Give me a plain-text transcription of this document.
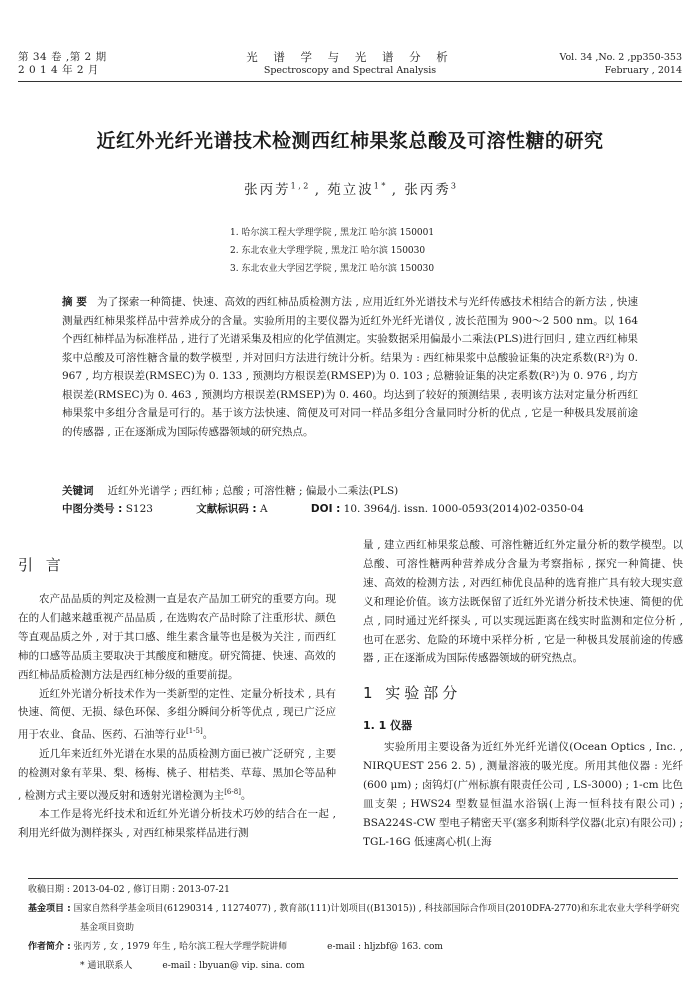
第 34 卷 ,第 2 期
2 0 1 4 年 2 月
光 谱 学 与 光 谱 分 析
Spectroscopy and Spectral Analysis
Vol. 34 ,No. 2 ,pp350-353
February , 2014
近红外光纤光谱技术检测西红柿果浆总酸及可溶性糖的研究
张丙芳$^{1 , 2}$ , 苑立波$^{1 *}$ , 张丙秀$^3$
1. 哈尔滨工程大学理学院 , 黑龙江 哈尔滨 150001
2. 东北农业大学理学院 , 黑龙江 哈尔滨 150030
3. 东北农业大学园艺学院 , 黑龙江 哈尔滨 150030
摘 要 为了探索一种简捷、快速、高效的西红柿品质检测方法 , 应用近红外光谱技术与光纤传感技术相结合的新方法 , 快速测量西红柿果浆样品中营养成分的含量。实验所用的主要仪器为近红外光纤光谱仪 , 波长范围为 900～2 500 nm。以 164 个西红柿样品为标准样品 , 进行了光谱采集及相应的化学值测定。实验数据采用偏最小二乘法(PLS)进行回归 , 建立西红柿果浆中总酸及可溶性糖含量的数学模型 , 并对回归方法进行统计分析。结果为 : 西红柿果浆中总酸验证集的决定系数(R²)为 0. 967 , 均方根误差(RMSEC)为 0. 133 , 预测均方根误差(RMSEP)为 0. 103 ; 总糖验证集的决定系数(R²)为 0. 976 , 均方根误差(RMSEC)为 0. 463 , 预测均方根误差(RMSEP)为 0. 460。均达到了较好的预测结果 , 表明该方法对定量分析西红柿果浆中多组分含量是可行的。基于该方法快速、简便及可对同一样品多组分含量同时分析的优点 , 它是一种极具发展前途的传感器 , 正在逐渐成为国际传感器领域的研究热点。
关键词 近红外光谱学 ; 西红柿 ; 总酸 ; 可溶性糖 ; 偏最小二乘法(PLS)
中图分类号 : S123	文献标识码 : A	DOI : 10. 3964/j. issn. 1000-0593(2014)02-0350-04
引 言

农产品品质的判定及检测一直是农产品加工研究的重要方向。现在的人们越来越重视产品品质 , 在选购农产品时除了注重形状、颜色等直观品质之外 , 对于其口感、维生素含量等也是极为关注 , 而西红柿的口感等品质主要取决于其酸度和糖度。研究简捷、快速、高效的西红柿品质检测方法是西红柿分级的重要前提。

近红外光谱分析技术作为一类新型的定性、定量分析技术 , 具有快速、简便、无损、绿色环保、多组分瞬间分析等优点 , 现已广泛应用于农业、食品、医药、石油等行业[1-5]。

近几年来近红外光谱在水果的品质检测方面已被广泛研究 , 主要的检测对象有苹果、梨、杨梅、桃子、柑桔类、草莓、黑加仑等品种 , 检测方式主要以漫反射和透射光谱检测为主[6-8]。

本工作是将光纤技术和近红外光谱分析技术巧妙的结合在一起 , 利用光纤做为测样探头 , 对西红柿果浆样品进行测

量 , 建立西红柿果浆总酸、可溶性糖近红外定量分析的数学模型。以总酸、可溶性糖两种营养成分含量为考察指标 , 探究一种简捷、快速、高效的检测方法 , 对西红柿优良品种的选育推广具有较大现实意义和理论价值。该方法既保留了近红外光谱分析技术快速、简便的优点 , 同时通过光纤探头 , 可以实现远距离在线实时监测和定位分析 , 也可在恶劣、危险的环境中采样分析 , 它是一种极具发展前途的传感器 , 正在逐渐成为国际传感器领域的研究热点。

1 实验部分
1. 1 仪器

实验所用主要设备为近红外光纤光谱仪(Ocean Optics , Inc. , NIRQUEST 256 2. 5) , 测量溶液的吸光度。所用其他仪器 : 光纤(600 μm) ; 卤钨灯(广州标旗有限责任公司 , LS-3000) ; 1-cm 比色皿支架 ; HWS24 型数显恒温水浴锅(上海一恒科技有限公司) ; BSA224S-CW 型电子精密天平(塞多利斯科学仪器(北京)有限公司) ; TGL-16G 低速离心机(上海

收稿日期 : 2013-04-02 , 修订日期 : 2013-07-21
基金项目 : 国家自然科学基金项目(61290314 , 11274077) , 教育部(111)计划项目((B13015)) , 科技部国际合作项目(2010DFA-2770)和东北农业大学科学研究基金项目资助
作者简介 : 张丙芳 , 女 , 1979 年生 , 哈尔滨工程大学理学院讲师	e-mail : hljzbf@ 163. com
* 通讯联系人	e-mail : lbyuan@ vip. sina. com
